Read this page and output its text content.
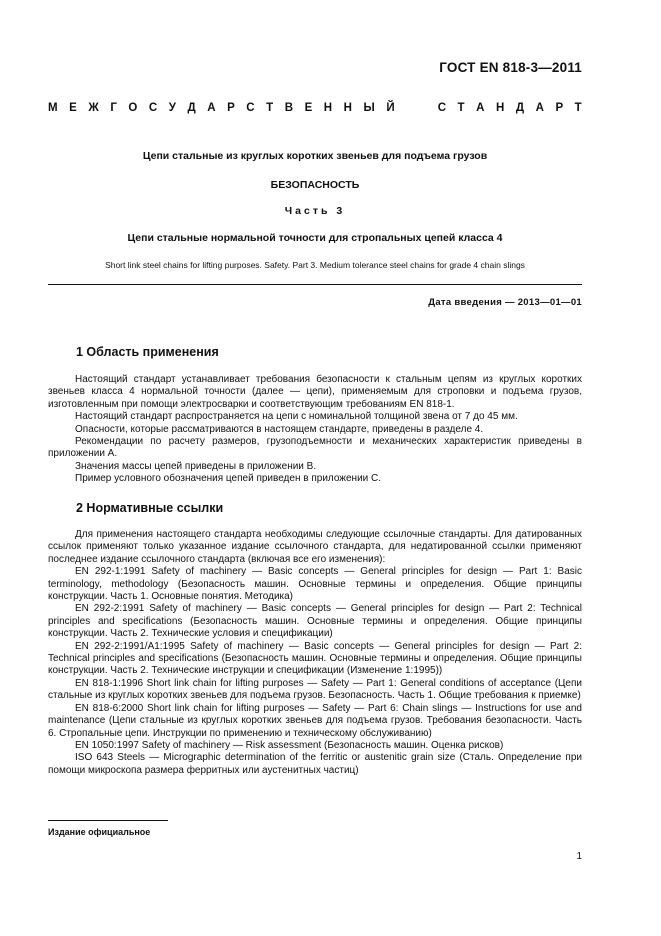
ГОСТ EN 818-3—2011
М Е Ж Г О С У Д А Р С Т В Е Н Н Ы Й	С Т А Н Д А Р Т
Цепи стальные из круглых коротких звеньев для подъема грузов
БЕЗОПАСНОСТЬ
Часть 3
Цепи стальные нормальной точности для стропальных цепей класса 4
Short link steel chains for lifting purposes. Safety. Part 3. Medium tolerance steel chains for grade 4 chain slings
Дата введения — 2013—01—01
1 Область применения

Настоящий стандарт устанавливает требования безопасности к стальным цепям из круглых коротких звеньев класса 4 нормальной точности (далее — цепи), применяемым для строповки и подъема грузов, изготовленным при помощи электросварки и соответствующим требованиям EN 818-1.

Настоящий стандарт распространяется на цепи с номинальной толщиной звена от 7 до 45 мм.

Опасности, которые рассматриваются в настоящем стандарте, приведены в разделе 4.

Рекомендации по расчету размеров, грузоподъемности и механических характеристик приведены в приложении А.

Значения массы цепей приведены в приложении В.

Пример условного обозначения цепей приведен в приложении С.

2 Нормативные ссылки

Для применения настоящего стандарта необходимы следующие ссылочные стандарты. Для датированных ссылок применяют только указанное издание ссылочного стандарта, для недатированной ссылки применяют последнее издание ссылочного стандарта (включая все его изменения):

EN 292-1:1991 Safety of machinery — Basic concepts — General principles for design — Part 1: Basic terminology, methodology (Безопасность машин. Основные термины и определения. Общие принципы конструкции. Часть 1. Основные понятия. Методика)

EN 292-2:1991 Safety of machinery — Basic concepts — General principles for design — Part 2: Technical principles and specifications (Безопасность машин. Основные термины и определения. Общие принципы конструкции. Часть 2. Технические условия и спецификации)

EN 292-2:1991/A1:1995 Safety of machinery — Basic concepts — General principles for design — Part 2: Technical principles and specifications (Безопасность машин. Основные термины и определения. Общие принципы конструкции. Часть 2. Технические инструкции и спецификации (Изменение 1:1995))

EN 818-1:1996 Short link chain for lifting purposes — Safety — Part 1: General conditions of acceptance (Цепи стальные из круглых коротких звеньев для подъема грузов. Безопасность. Часть 1. Общие требования к приемке)

EN 818-6:2000 Short link chain for lifting purposes — Safety — Part 6: Chain slings — Instructions for use and maintenance (Цепи стальные из круглых коротких звеньев для подъема грузов. Требования безопасности. Часть 6. Стропальные цепи. Инструкции по применению и техническому обслуживанию)

EN 1050:1997 Safety of machinery — Risk assessment (Безопасность машин. Оценка рисков)

ISO 643 Steels — Micrographic determination of the ferritic or austenitic grain size (Сталь. Определение при помощи микроскопа размера ферритных или аустенитных частиц)

Издание официальное
1
